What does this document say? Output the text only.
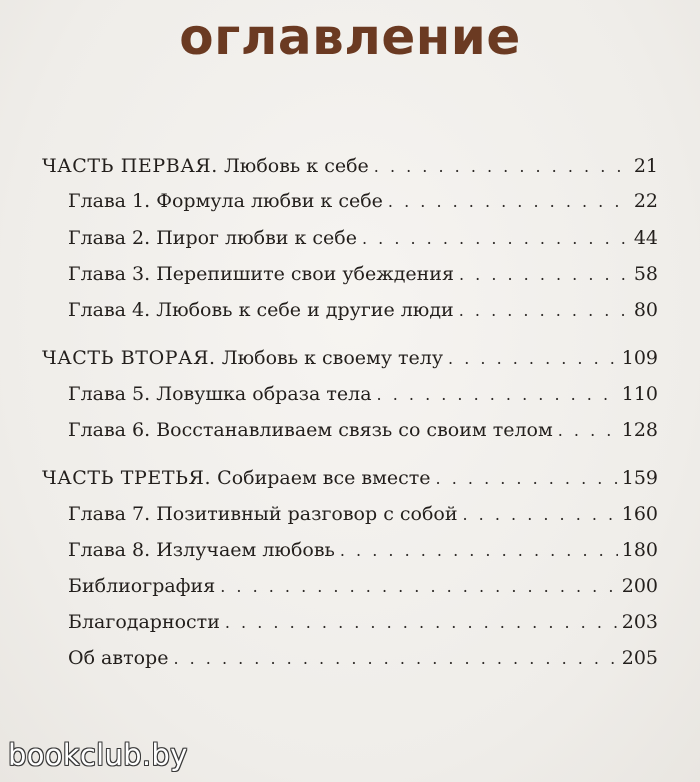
оглавление
ЧАСТЬ ПЕРВАЯ. Любовь к себе . . .	21
Глава 1. Формула любви к себе . . .	22
Глава 2. Пирог любви к себе . . .	44
Глава 3. Перепишите свои убеждения . . .	58
Глава 4. Любовь к себе и другие люди . . .	80
ЧАСТЬ ВТОРАЯ. Любовь к своему телу . . .	109
Глава 5. Ловушка образа тела . . .	110
Глава 6. Восстанавливаем связь со своим телом . . .	128
ЧАСТЬ ТРЕТЬЯ. Собираем все вместе . . .	159
Глава 7. Позитивный разговор с собой . . .	160
Глава 8. Излучаем любовь . . .	180
Библиография . . .	200
Благодарности . . .	203
Об авторе . . .	205
bookclub.by
